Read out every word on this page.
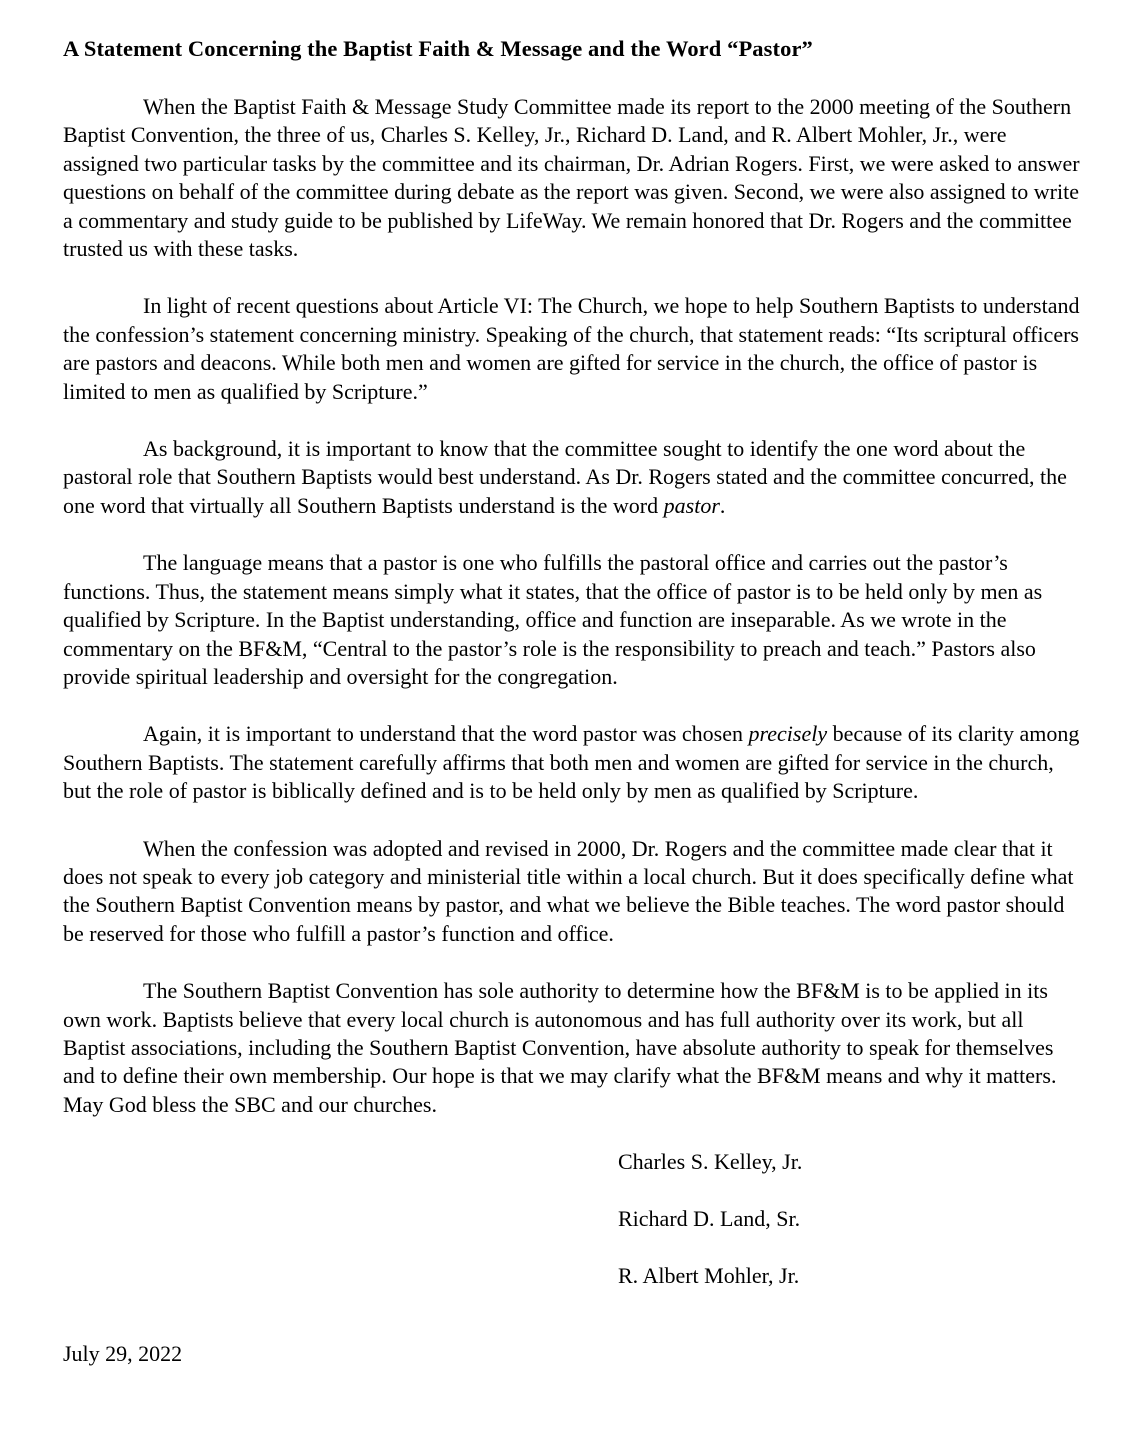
A Statement Concerning the Baptist Faith & Message and the Word “Pastor”

When the Baptist Faith & Message Study Committee made its report to the 2000 meeting of the Southern Baptist Convention, the three of us, Charles S. Kelley, Jr., Richard D. Land, and R. Albert Mohler, Jr., were assigned two particular tasks by the committee and its chairman, Dr. Adrian Rogers. First, we were asked to answer questions on behalf of the committee during debate as the report was given. Second, we were also assigned to write a commentary and study guide to be published by LifeWay. We remain honored that Dr. Rogers and the committee trusted us with these tasks.

In light of recent questions about Article VI: The Church, we hope to help Southern Baptists to understand the confession’s statement concerning ministry. Speaking of the church, that statement reads: “Its scriptural officers are pastors and deacons. While both men and women are gifted for service in the church, the office of pastor is limited to men as qualified by Scripture.”

As background, it is important to know that the committee sought to identify the one word about the pastoral role that Southern Baptists would best understand. As Dr. Rogers stated and the committee concurred, the one word that virtually all Southern Baptists understand is the word pastor.

The language means that a pastor is one who fulfills the pastoral office and carries out the pastor’s functions. Thus, the statement means simply what it states, that the office of pastor is to be held only by men as qualified by Scripture. In the Baptist understanding, office and function are inseparable. As we wrote in the commentary on the BF&M, “Central to the pastor’s role is the responsibility to preach and teach.” Pastors also provide spiritual leadership and oversight for the congregation.

Again, it is important to understand that the word pastor was chosen precisely because of its clarity among Southern Baptists. The statement carefully affirms that both men and women are gifted for service in the church, but the role of pastor is biblically defined and is to be held only by men as qualified by Scripture.

When the confession was adopted and revised in 2000, Dr. Rogers and the committee made clear that it does not speak to every job category and ministerial title within a local church. But it does specifically define what the Southern Baptist Convention means by pastor, and what we believe the Bible teaches. The word pastor should be reserved for those who fulfill a pastor’s function and office.

The Southern Baptist Convention has sole authority to determine how the BF&M is to be applied in its own work. Baptists believe that every local church is autonomous and has full authority over its work, but all Baptist associations, including the Southern Baptist Convention, have absolute authority to speak for themselves and to define their own membership. Our hope is that we may clarify what the BF&M means and why it matters. May God bless the SBC and our churches.

Charles S. Kelley, Jr.
Richard D. Land, Sr.
R. Albert Mohler, Jr.
July 29, 2022
